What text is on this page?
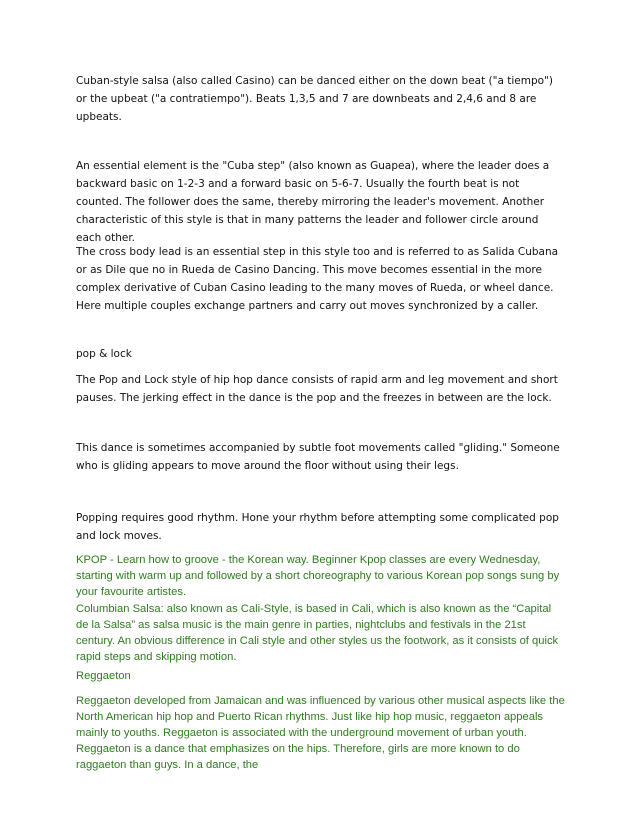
Cuban-style salsa (also called Casino) can be danced either on the down beat ("a tiempo") or the upbeat ("a contratiempo"). Beats 1,3,5 and 7 are downbeats and 2,4,6 and 8 are upbeats.

An essential element is the "Cuba step" (also known as Guapea), where the leader does a backward basic on 1-2-3 and a forward basic on 5-6-7. Usually the fourth beat is not counted. The follower does the same, thereby mirroring the leader's movement. Another characteristic of this style is that in many patterns the leader and follower circle around each other.

The cross body lead is an essential step in this style too and is referred to as Salida Cubana or as Dile que no in Rueda de Casino Dancing. This move becomes essential in the more complex derivative of Cuban Casino leading to the many moves of Rueda, or wheel dance. Here multiple couples exchange partners and carry out moves synchronized by a caller.

pop & lock

The Pop and Lock style of hip hop dance consists of rapid arm and leg movement and short pauses. The jerking effect in the dance is the pop and the freezes in between are the lock.

This dance is sometimes accompanied by subtle foot movements called "gliding." Someone who is gliding appears to move around the floor without using their legs.

Popping requires good rhythm. Hone your rhythm before attempting some complicated pop and lock moves.

KPOP - Learn how to groove - the Korean way. Beginner Kpop classes are every Wednesday, starting with warm up and followed by a short choreography to various Korean pop songs sung by your favourite artistes.

Columbian Salsa: also known as Cali-Style, is based in Cali, which is also known as the “Capital de la Salsa” as salsa music is the main genre in parties, nightclubs and festivals in the 21st century. An obvious difference in Cali style and other styles us the footwork, as it consists of quick rapid steps and skipping motion.

Reggaeton

Reggaeton developed from Jamaican and was influenced by various other musical aspects like the North American hip hop and Puerto Rican rhythms. Just like hip hop music, reggaeton appeals mainly to youths. Reggaeton is associated with the underground movement of urban youth. Reggaeton is a dance that emphasizes on the hips. Therefore, girls are more known to do raggaeton than guys. In a dance, the
